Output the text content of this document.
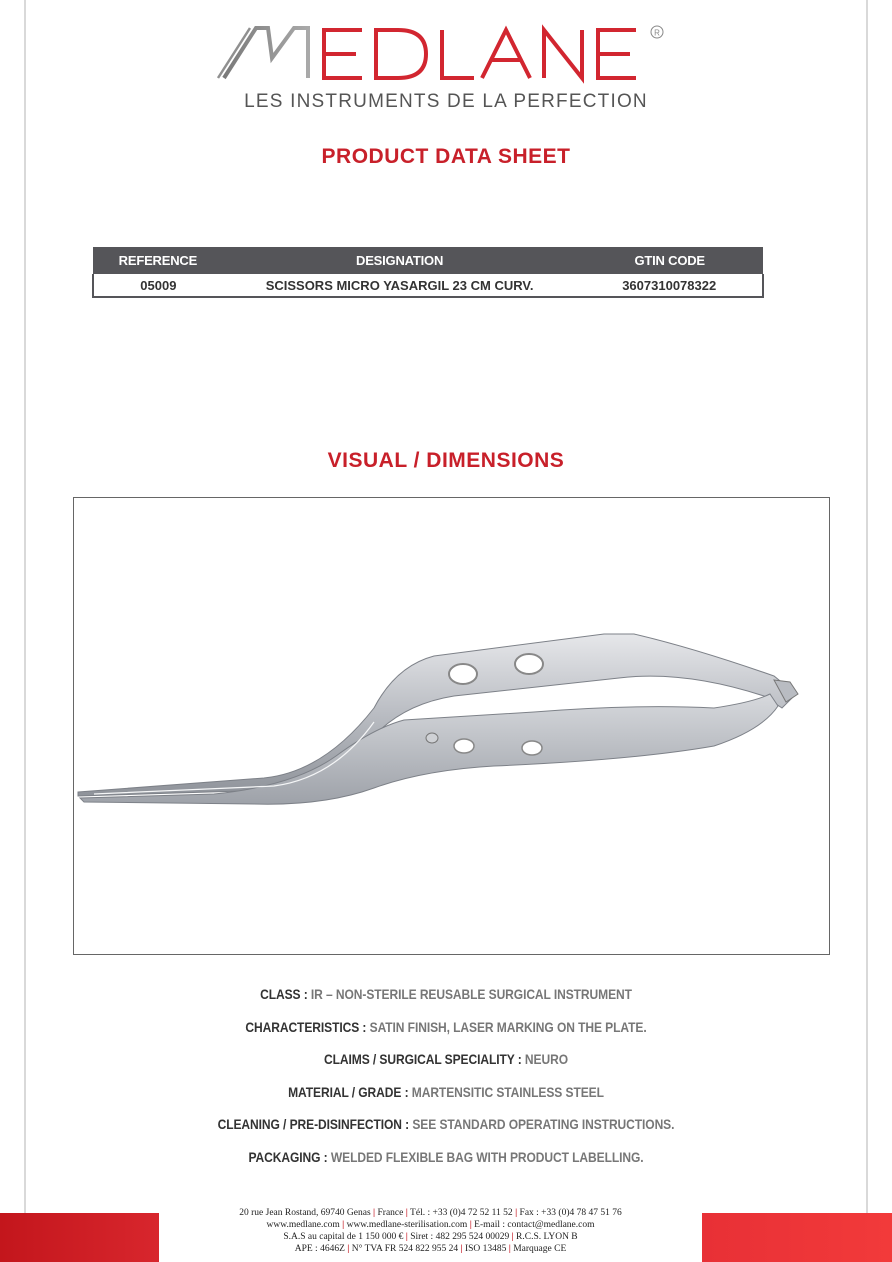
R
LES INSTRUMENTS DE LA PERFECTION
PRODUCT DATA SHEET
REFERENCE	DESIGNATION	GTIN CODE
05009	SCISSORS MICRO YASARGIL 23 CM CURV.	3607310078322
VISUAL / DIMENSIONS
CLASS : IR – NON-STERILE REUSABLE SURGICAL INSTRUMENT
CHARACTERISTICS : SATIN FINISH, LASER MARKING ON THE PLATE.
CLAIMS / SURGICAL SPECIALITY : NEURO
MATERIAL / GRADE : MARTENSITIC STAINLESS STEEL
CLEANING / PRE-DISINFECTION : SEE STANDARD OPERATING INSTRUCTIONS.
PACKAGING : WELDED FLEXIBLE BAG WITH PRODUCT LABELLING.
20 rue Jean Rostand, 69740 Genas | France | Tél. : +33 (0)4 72 52 11 52 | Fax : +33 (0)4 78 47 51 76
www.medlane.com | www.medlane-sterilisation.com | E-mail : contact@medlane.com
S.A.S au capital de 1 150 000 € | Siret : 482 295 524 00029 | R.C.S. LYON B
APE : 4646Z | N° TVA FR 524 822 955 24 | ISO 13485 | Marquage CE
